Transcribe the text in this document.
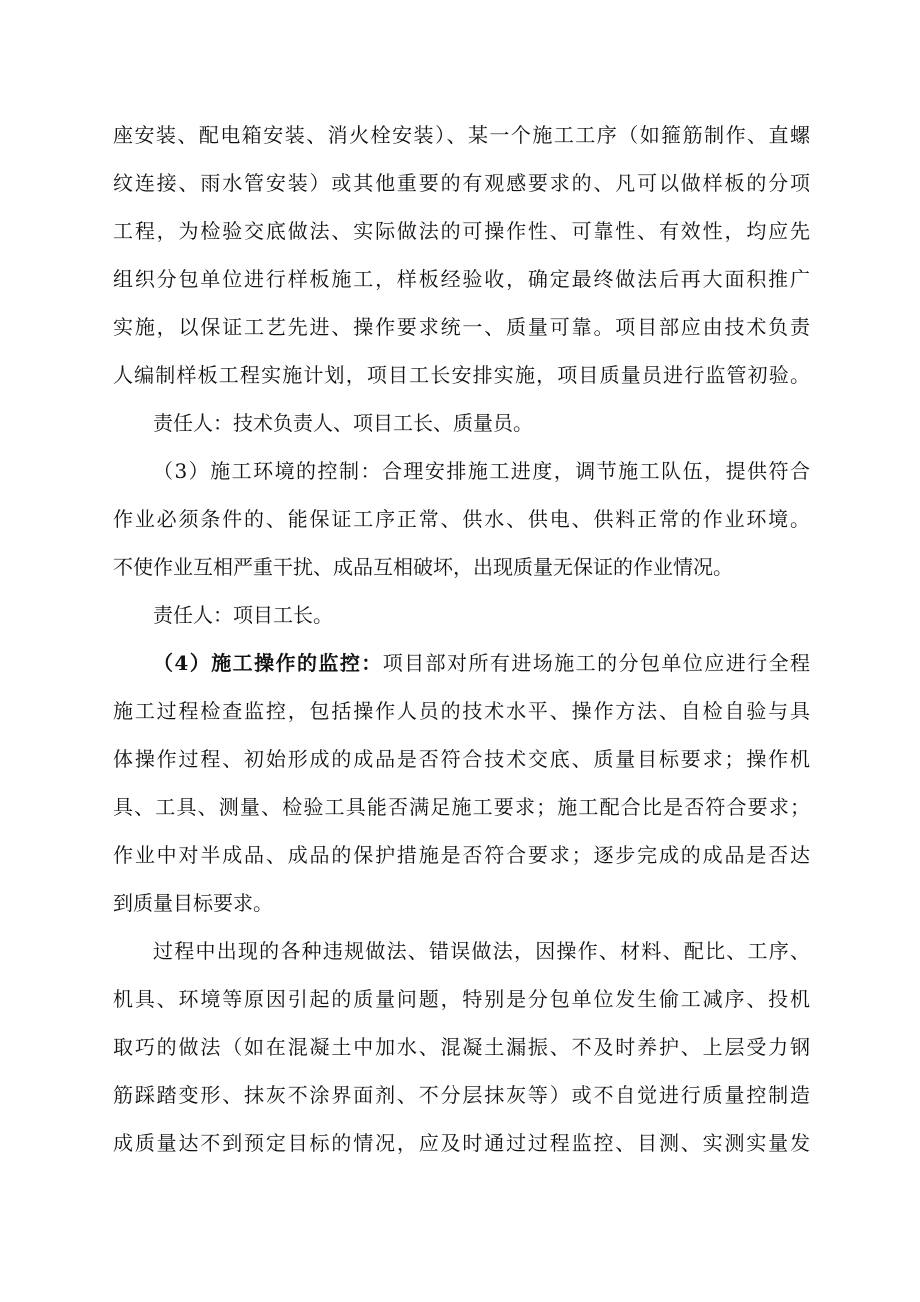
座安装、配电箱安装、消火栓安装）、某一个施工工序（如箍筋制作、直螺
纹连接、雨水管安装）或其他重要的有观感要求的、凡可以做样板的分项
工程，为检验交底做法、实际做法的可操作性、可靠性、有效性，均应先
组织分包单位进行样板施工，样板经验收，确定最终做法后再大面积推广
实施，以保证工艺先进、操作要求统一、质量可靠。项目部应由技术负责
人编制样板工程实施计划，项目工长安排实施，项目质量员进行监管初验。
责任人：技术负责人、项目工长、质量员。
（3）施工环境的控制：合理安排施工进度，调节施工队伍，提供符合
作业必须条件的、能保证工序正常、供水、供电、供料正常的作业环境。
不使作业互相严重干扰、成品互相破坏，出现质量无保证的作业情况。
责任人：项目工长。
（4）施工操作的监控：项目部对所有进场施工的分包单位应进行全程
施工过程检查监控，包括操作人员的技术水平、操作方法、自检自验与具
体操作过程、初始形成的成品是否符合技术交底、质量目标要求；操作机
具、工具、测量、检验工具能否满足施工要求；施工配合比是否符合要求；
作业中对半成品、成品的保护措施是否符合要求；逐步完成的成品是否达
到质量目标要求。
过程中出现的各种违规做法、错误做法，因操作、材料、配比、工序、
机具、环境等原因引起的质量问题，特别是分包单位发生偷工减序、投机
取巧的做法（如在混凝土中加水、混凝土漏振、不及时养护、上层受力钢
筋踩踏变形、抹灰不涂界面剂、不分层抹灰等）或不自觉进行质量控制造
成质量达不到预定目标的情况，应及时通过过程监控、目测、实测实量发
